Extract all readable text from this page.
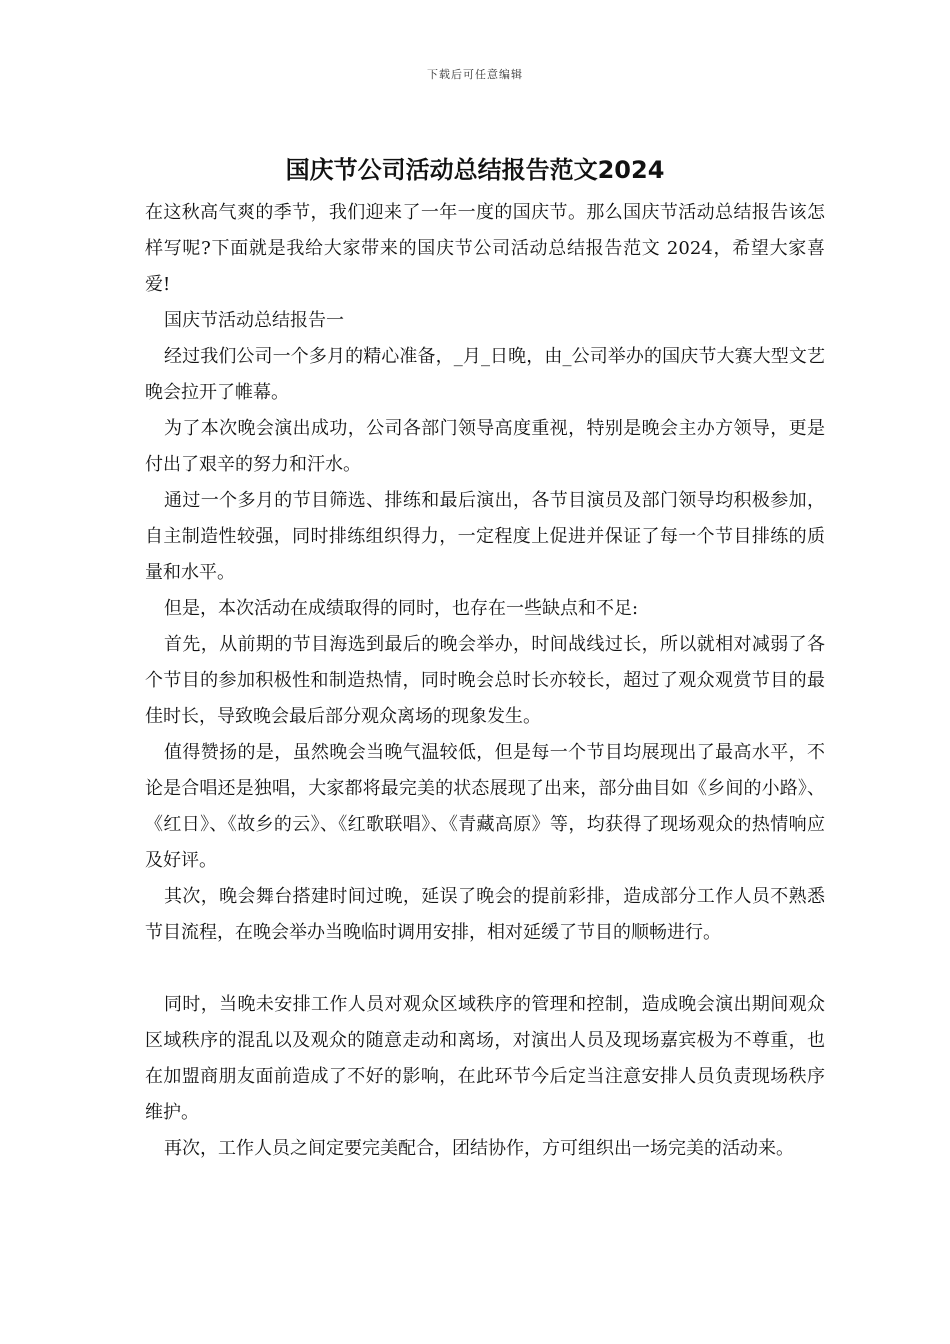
下载后可任意编辑
国庆节公司活动总结报告范文2024

在这秋高气爽的季节，我们迎来了一年一度的国庆节。那么国庆节活动总结报告该怎样写呢?下面就是我给大家带来的国庆节公司活动总结报告范文 2024，希望大家喜爱!

国庆节活动总结报告一

经过我们公司一个多月的精心准备，_月_日晚，由_公司举办的国庆节大赛大型文艺晚会拉开了帷幕。

为了本次晚会演出成功，公司各部门领导高度重视，特别是晚会主办方领导，更是付出了艰辛的努力和汗水。

通过一个多月的节目筛选、排练和最后演出，各节目演员及部门领导均积极参加，自主制造性较强，同时排练组织得力，一定程度上促进并保证了每一个节目排练的质量和水平。

但是，本次活动在成绩取得的同时，也存在一些缺点和不足:

首先，从前期的节目海选到最后的晚会举办，时间战线过长，所以就相对减弱了各个节目的参加积极性和制造热情，同时晚会总时长亦较长，超过了观众观赏节目的最佳时长，导致晚会最后部分观众离场的现象发生。

值得赞扬的是，虽然晚会当晚气温较低，但是每一个节目均展现出了最高水平，不论是合唱还是独唱，大家都将最完美的状态展现了出来，部分曲目如《乡间的小路》、《红日》、《故乡的云》、《红歌联唱》、《青藏高原》等，均获得了现场观众的热情响应及好评。

其次，晚会舞台搭建时间过晚，延误了晚会的提前彩排，造成部分工作人员不熟悉节目流程，在晚会举办当晚临时调用安排，相对延缓了节目的顺畅进行。

同时，当晚未安排工作人员对观众区域秩序的管理和控制，造成晚会演出期间观众区域秩序的混乱以及观众的随意走动和离场，对演出人员及现场嘉宾极为不尊重，也在加盟商朋友面前造成了不好的影响，在此环节今后定当注意安排人员负责现场秩序维护。

再次，工作人员之间定要完美配合，团结协作，方可组织出一场完美的活动来。
